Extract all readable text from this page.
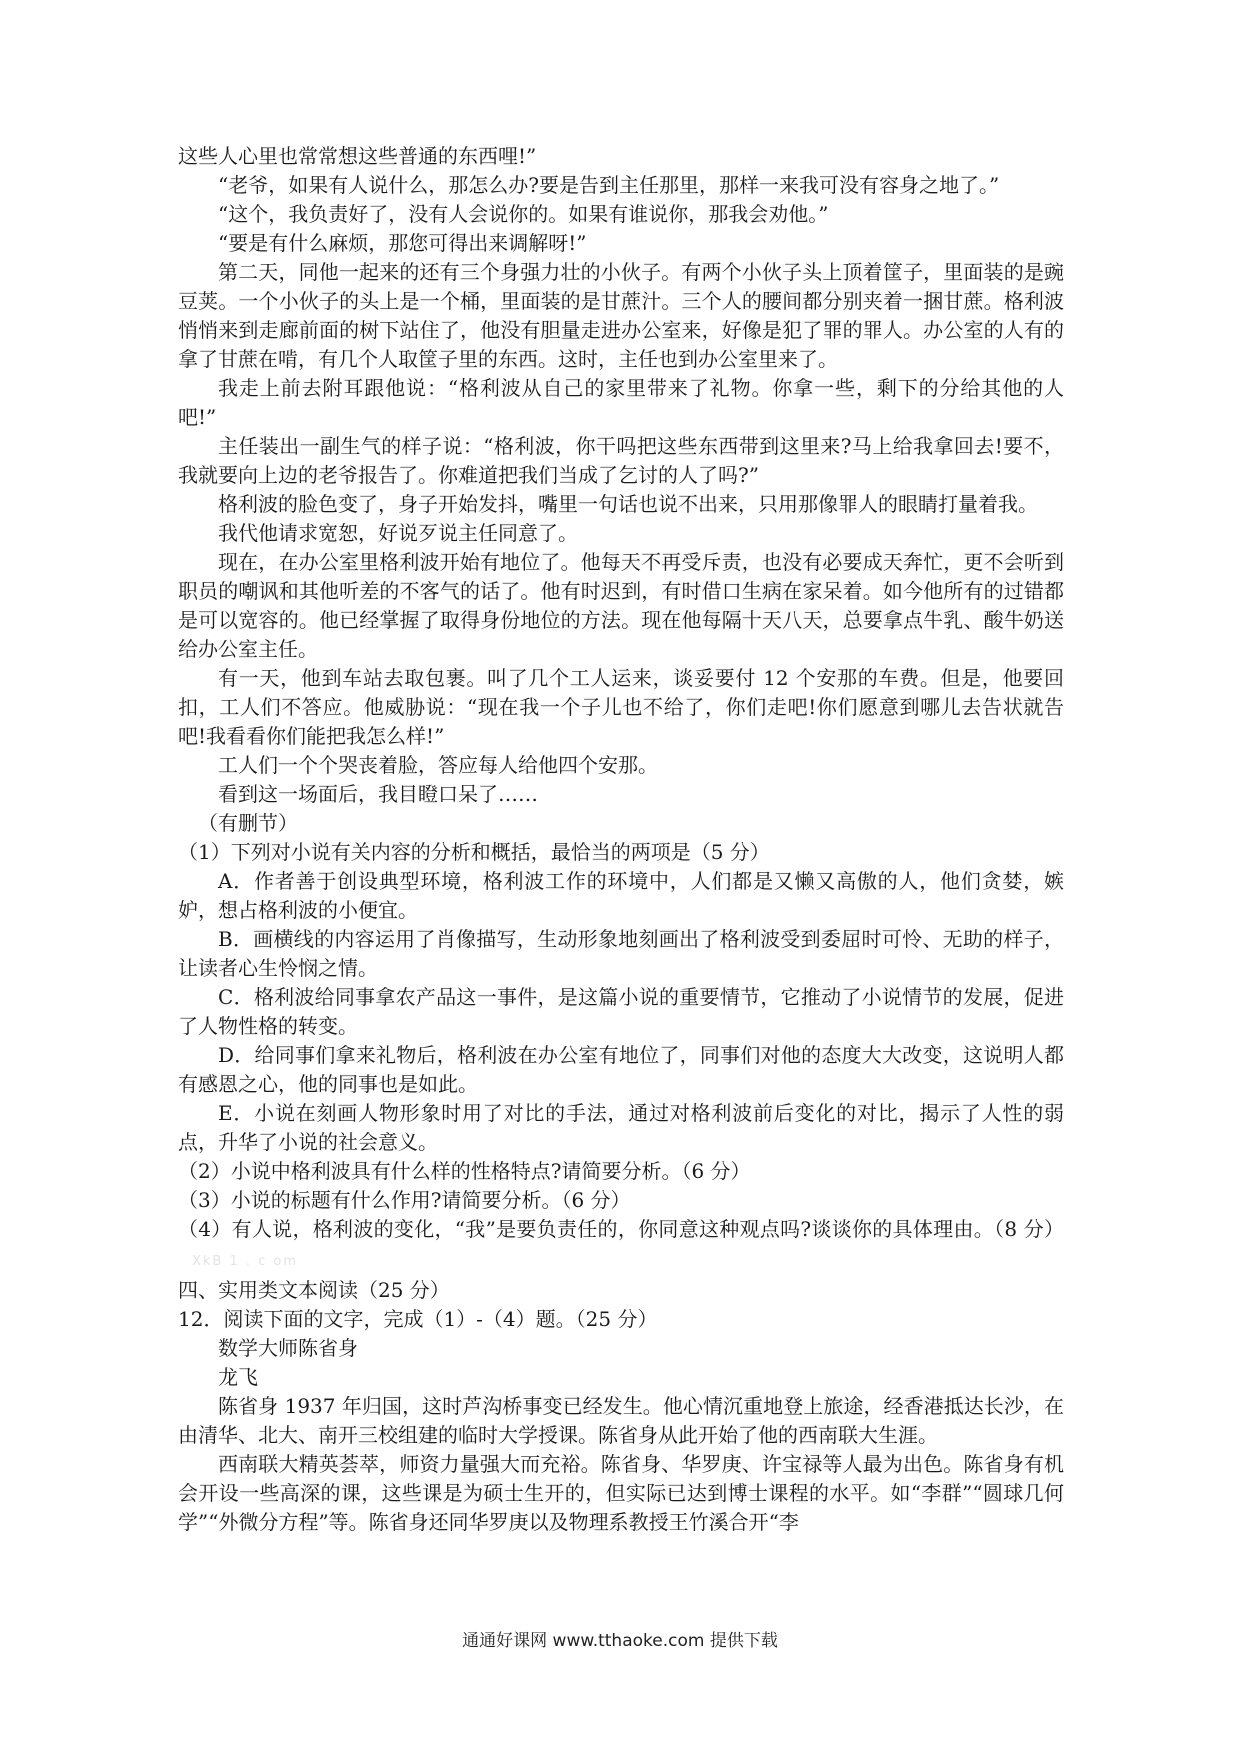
这些人心里也常常想这些普通的东西哩!”

“老爷，如果有人说什么，那怎么办?要是告到主任那里，那样一来我可没有容身之地了。”

“这个，我负责好了，没有人会说你的。如果有谁说你，那我会劝他。”

“要是有什么麻烦，那您可得出来调解呀!”

第二天，同他一起来的还有三个身强力壮的小伙子。有两个小伙子头上顶着筐子，里面装的是豌豆荚。一个小伙子的头上是一个桶，里面装的是甘蔗汁。三个人的腰间都分别夹着一捆甘蔗。格利波悄悄来到走廊前面的树下站住了，他没有胆量走进办公室来，好像是犯了罪的罪人。办公室的人有的拿了甘蔗在啃，有几个人取筐子里的东西。这时，主任也到办公室里来了。

我走上前去附耳跟他说：“格利波从自己的家里带来了礼物。你拿一些，剩下的分给其他的人吧!”

主任装出一副生气的样子说：“格利波，你干吗把这些东西带到这里来?马上给我拿回去!要不，我就要向上边的老爷报告了。你难道把我们当成了乞讨的人了吗?”

格利波的脸色变了，身子开始发抖，嘴里一句话也说不出来，只用那像罪人的眼睛打量着我。

我代他请求宽恕，好说歹说主任同意了。

现在，在办公室里格利波开始有地位了。他每天不再受斥责，也没有必要成天奔忙，更不会听到职员的嘲讽和其他听差的不客气的话了。他有时迟到，有时借口生病在家呆着。如今他所有的过错都是可以宽容的。他已经掌握了取得身份地位的方法。现在他每隔十天八天，总要拿点牛乳、酸牛奶送给办公室主任。

有一天，他到车站去取包裹。叫了几个工人运来，谈妥要付 12 个安那的车费。但是，他要回扣，工人们不答应。他威胁说：“现在我一个子儿也不给了，你们走吧!你们愿意到哪儿去告状就告吧!我看看你们能把我怎么样!”

工人们一个个哭丧着脸，答应每人给他四个安那。

看到这一场面后，我目瞪口呆了……

（有删节）

（1）下列对小说有关内容的分析和概括，最恰当的两项是（5 分）

A．作者善于创设典型环境，格利波工作的环境中，人们都是又懒又高傲的人，他们贪婪，嫉妒，想占格利波的小便宜。

B．画横线的内容运用了肖像描写，生动形象地刻画出了格利波受到委屈时可怜、无助的样子，让读者心生怜悯之情。

C．格利波给同事拿农产品这一事件，是这篇小说的重要情节，它推动了小说情节的发展，促进了人物性格的转变。

D．给同事们拿来礼物后，格利波在办公室有地位了，同事们对他的态度大大改变，这说明人都有感恩之心，他的同事也是如此。

E．小说在刻画人物形象时用了对比的手法，通过对格利波前后变化的对比，揭示了人性的弱点，升华了小说的社会意义。

（2）小说中格利波具有什么样的性格特点?请简要分析。（6 分）

（3）小说的标题有什么作用?请简要分析。（6 分）

（4）有人说，格利波的变化，“我”是要负责任的，你同意这种观点吗?谈谈你的具体理由。（8 分）XkB 1 . c om

四、实用类文本阅读（25 分）

12．阅读下面的文字，完成（1）-（4）题。（25 分）

数学大师陈省身

龙飞

陈省身 1937 年归国，这时芦沟桥事变已经发生。他心情沉重地登上旅途，经香港抵达长沙，在由清华、北大、南开三校组建的临时大学授课。陈省身从此开始了他的西南联大生涯。

西南联大精英荟萃，师资力量强大而充裕。陈省身、华罗庚、许宝禄等人最为出色。陈省身有机会开设一些高深的课，这些课是为硕士生开的，但实际已达到博士课程的水平。如“李群”“圆球几何学”“外微分方程”等。陈省身还同华罗庚以及物理系教授王竹溪合开“李

通通好课网 www.tthaoke.com 提供下载
